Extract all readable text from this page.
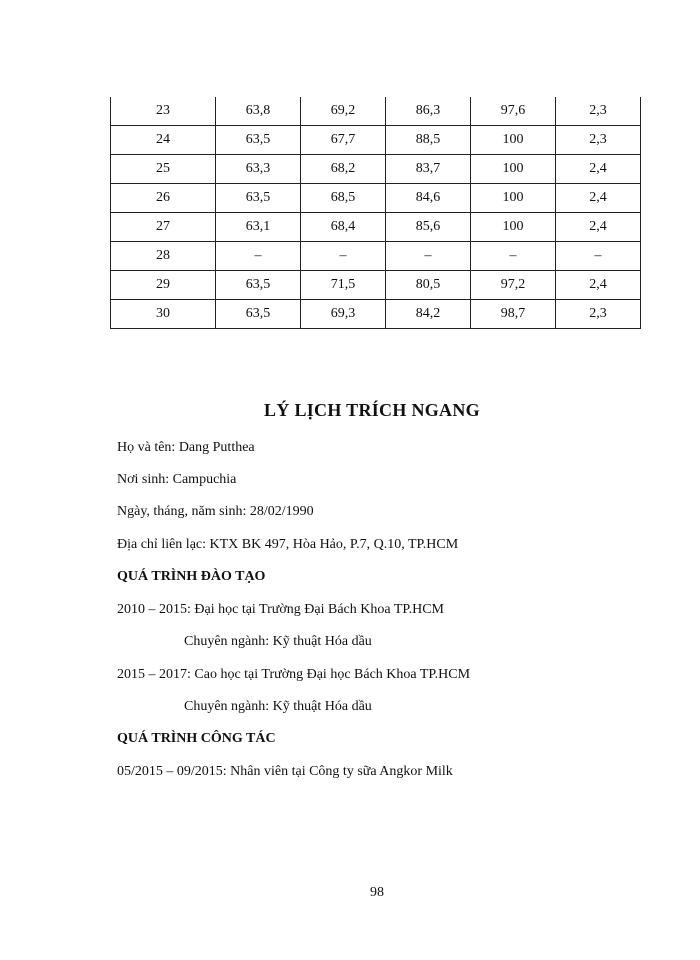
23	63,8	69,2	86,3	97,6	2,3
24	63,5	67,7	88,5	100	2,3
25	63,3	68,2	83,7	100	2,4
26	63,5	68,5	84,6	100	2,4
27	63,1	68,4	85,6	100	2,4
28	–	–	–	–	–
29	63,5	71,5	80,5	97,2	2,4
30	63,5	69,3	84,2	98,7	2,3
LÝ LỊCH TRÍCH NGANG
Họ và tên: Dang Putthea
Nơi sinh: Campuchia
Ngày, tháng, năm sinh: 28/02/1990
Địa chỉ liên lạc: KTX BK 497, Hòa Hảo, P.7, Q.10, TP.HCM
QUÁ TRÌNH ĐÀO TẠO
2010 – 2015: Đại học tại Trường Đại Bách Khoa TP.HCM
Chuyên ngành: Kỹ thuật Hóa dầu
2015 – 2017: Cao học tại Trường Đại học Bách Khoa TP.HCM
Chuyên ngành: Kỹ thuật Hóa dầu
QUÁ TRÌNH CÔNG TÁC
05/2015 – 09/2015: Nhân viên tại Công ty sữa Angkor Milk
98
